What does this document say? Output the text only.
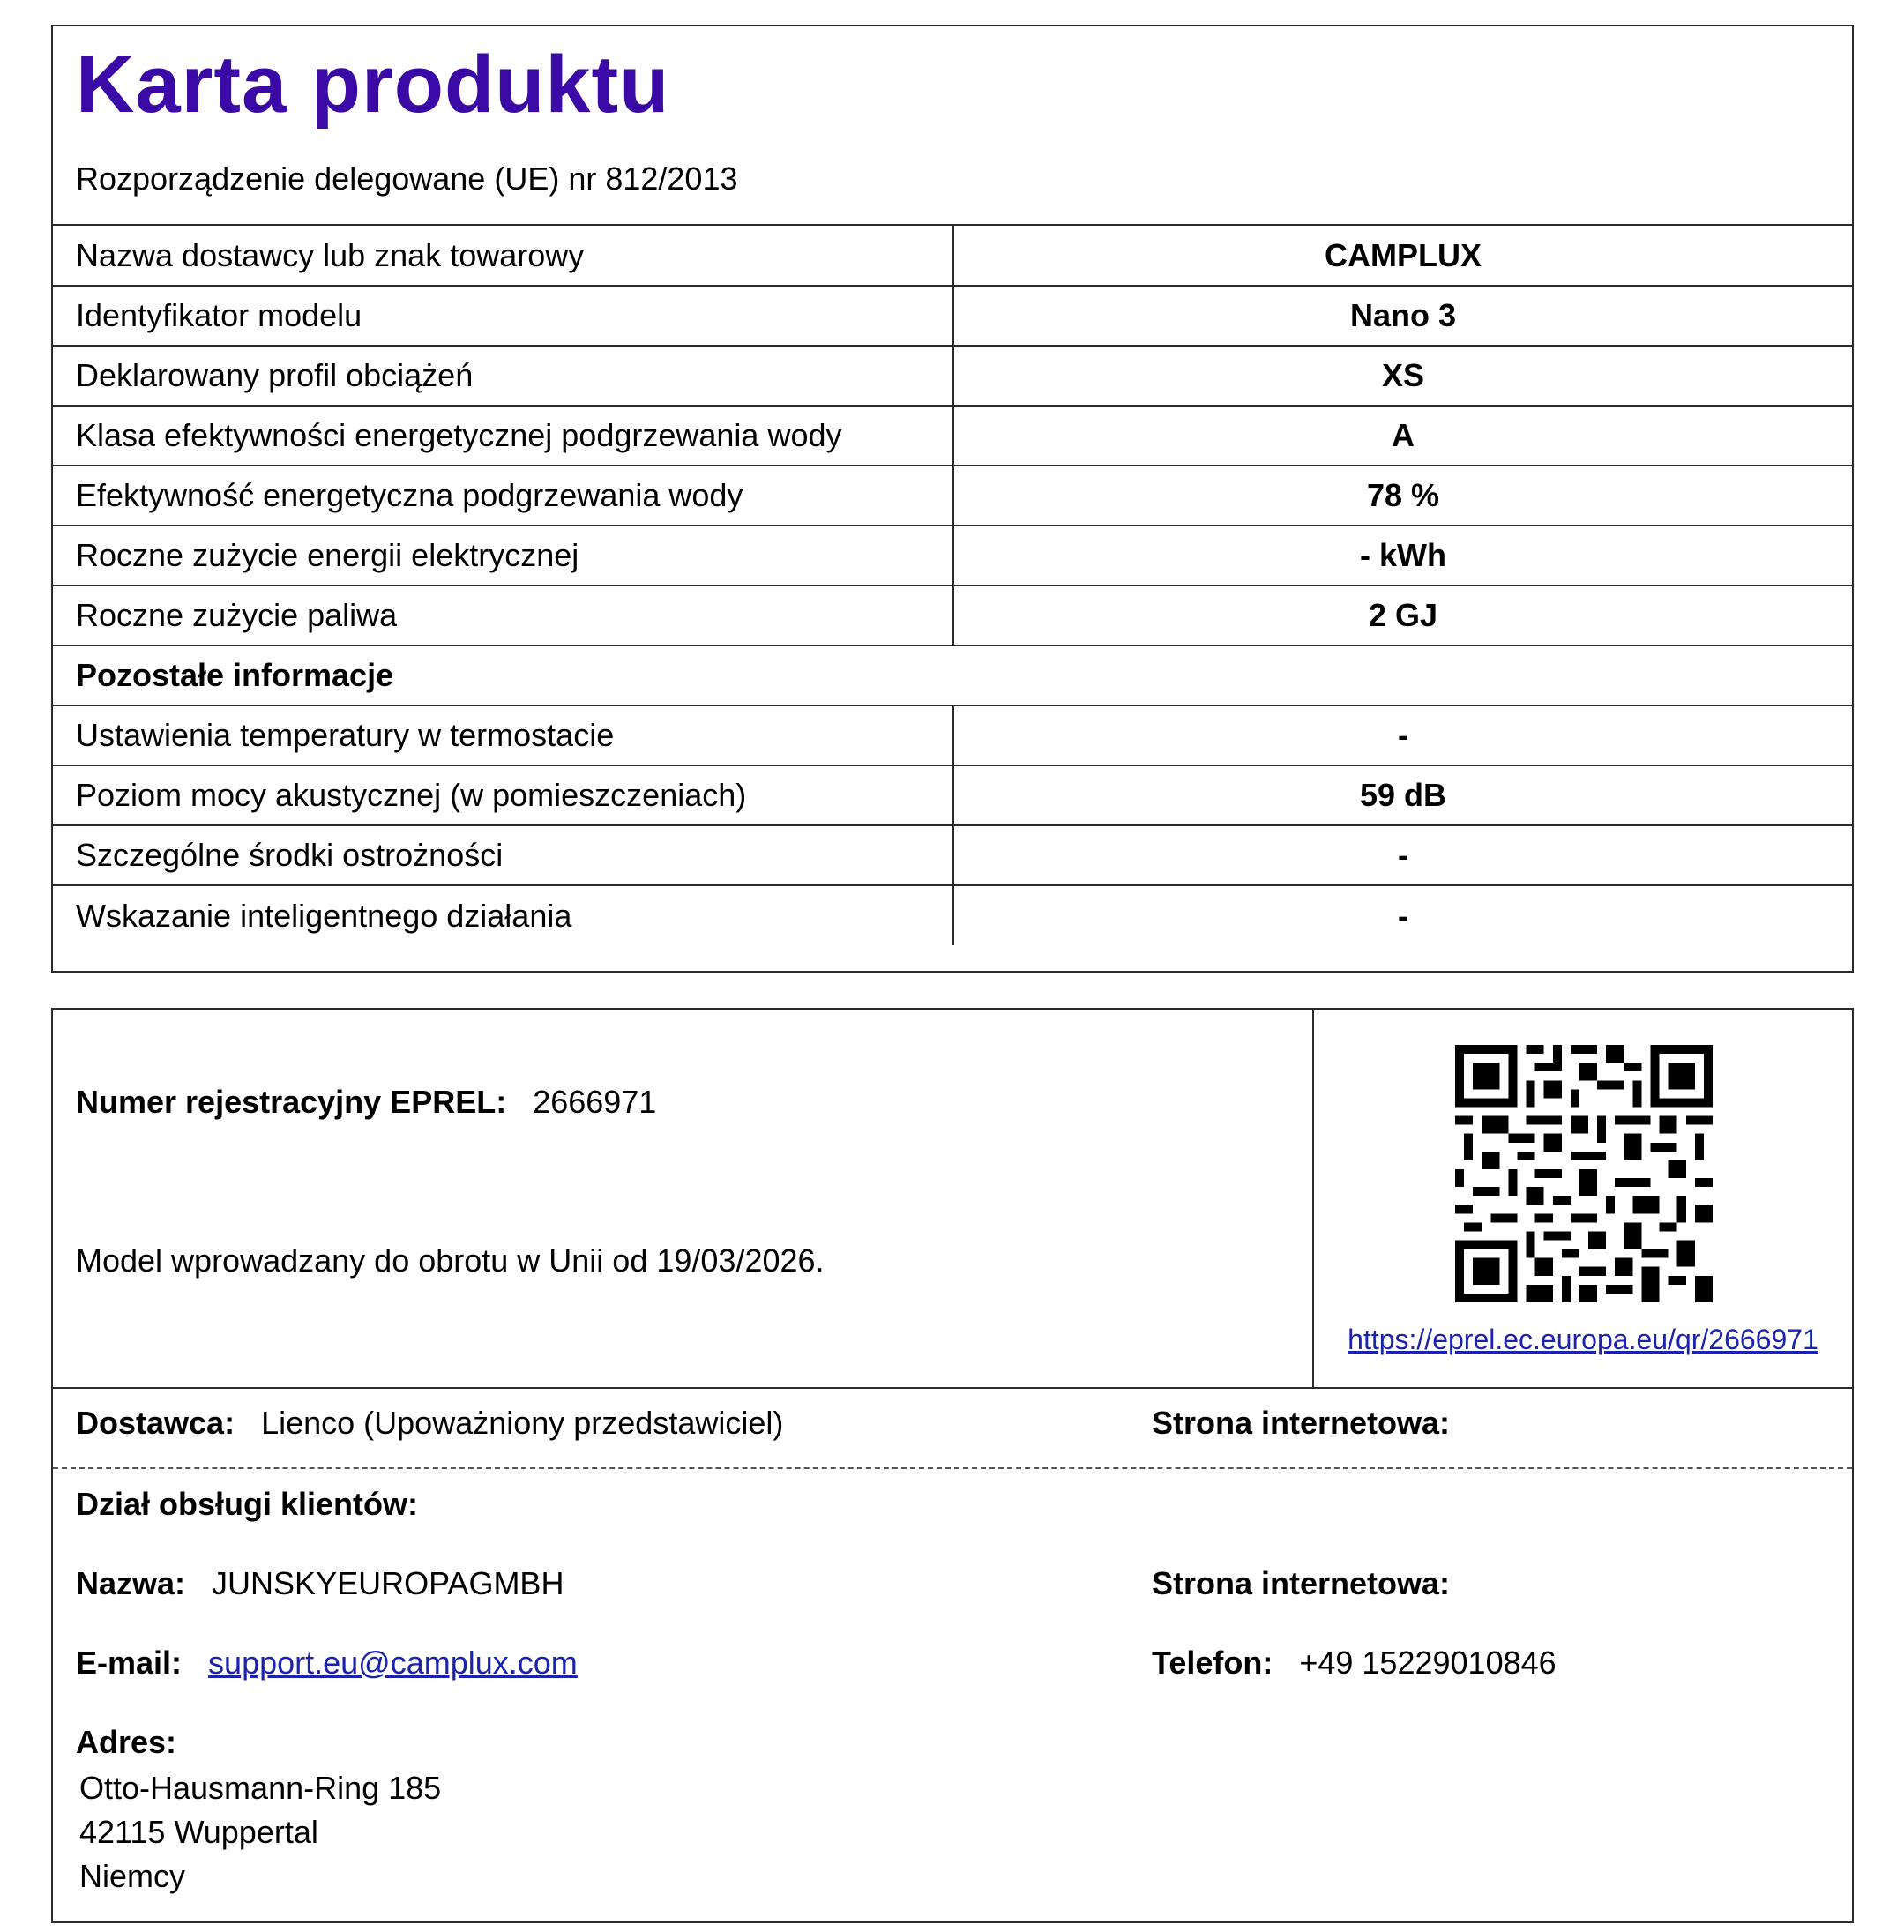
Karta produktu
Rozporządzenie delegowane (UE) nr 812/2013
Nazwa dostawcy lub znak towarowy	CAMPLUX
Identyfikator modelu	Nano 3
Deklarowany profil obciążeń	XS
Klasa efektywności energetycznej podgrzewania wody	A
Efektywność energetyczna podgrzewania wody	78 %
Roczne zużycie energii elektrycznej	- kWh
Roczne zużycie paliwa	2 GJ
Pozostałe informacje	
Ustawienia temperatury w termostacie	-
Poziom mocy akustycznej (w pomieszczeniach)	59 dB
Szczególne środki ostrożności	-
Wskazanie inteligentnego działania	-
Numer rejestracyjny EPREL: 2666971
Model wprowadzany do obrotu w Unii od 19/03/2026.
https://eprel.ec.europa.eu/qr/2666971
Dostawca: Lienco (Upoważniony przedstawiciel)	Strona internetowa:
Dział obsługi klientów:
Nazwa: JUNSKYEUROPAGMBH	Strona internetowa:
E-mail: support.eu@camplux.com	Telefon: +49 15229010846
Adres:
Otto-Hausmann-Ring 185
42115 Wuppertal
Niemcy
